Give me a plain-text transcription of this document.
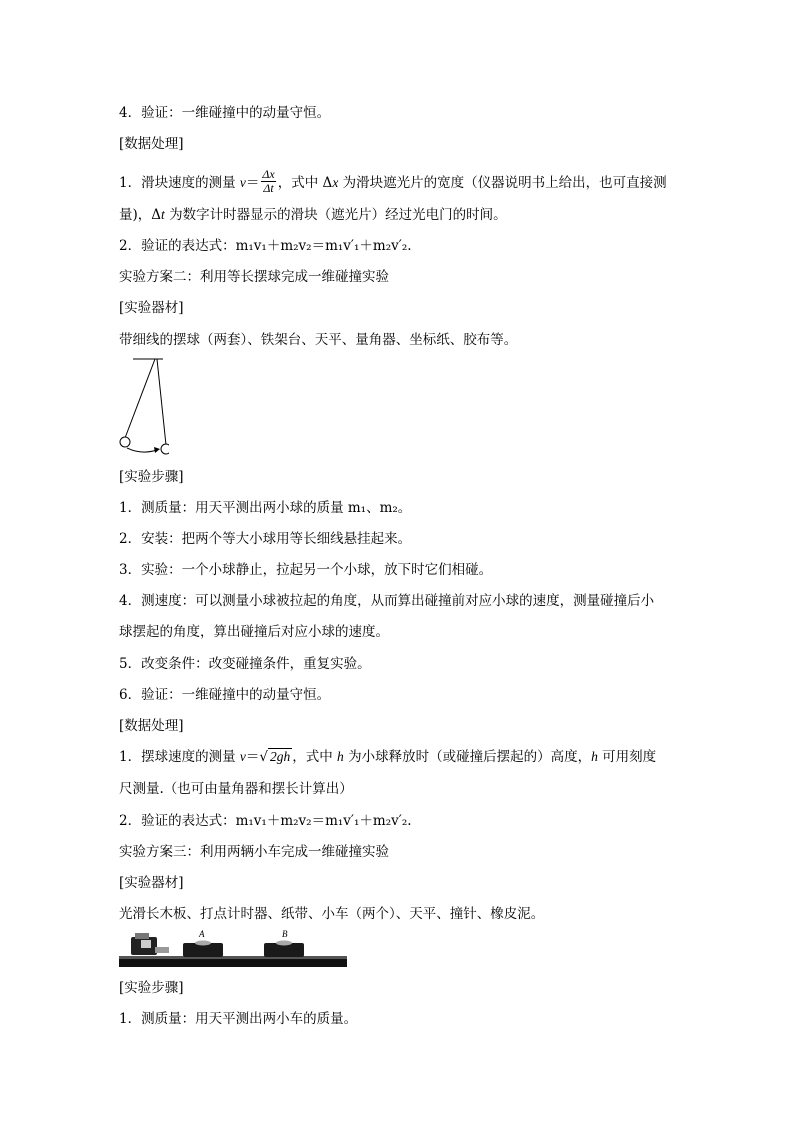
4．验证：一维碰撞中的动量守恒。
[数据处理]
1．滑块速度的测量 $v= \frac{\Delta x}{\Delta t}$ ，式中 Δx 为滑块遮光片的宽度（仪器说明书上给出，也可直接测
量)，Δt 为数字计时器显示的滑块（遮光片）经过光电门的时间。
2．验证的表达式：m₁v₁＋m₂v₂＝m₁v′₁＋m₂v′₂.
实验方案二：利用等长摆球完成一维碰撞实验
[实验器材]
带细线的摆球（两套）、铁架台、天平、量角器、坐标纸、胶布等。
[实验步骤]
1．测质量：用天平测出两小球的质量 m₁、m₂。
2．安装：把两个等大小球用等长细线悬挂起来。
3．实验：一个小球静止，拉起另一个小球，放下时它们相碰。
4．测速度：可以测量小球被拉起的角度，从而算出碰撞前对应小球的速度，测量碰撞后小
球摆起的角度，算出碰撞后对应小球的速度。
5．改变条件：改变碰撞条件，重复实验。
6．验证：一维碰撞中的动量守恒。
[数据处理]
1．摆球速度的测量 v＝√ 2gh ，式中 h 为小球释放时（或碰撞后摆起的）高度，h 可用刻度
尺测量.（也可由量角器和摆长计算出）
2．验证的表达式：m₁v₁＋m₂v₂＝m₁v′₁＋m₂v′₂.
实验方案三：利用两辆小车完成一维碰撞实验
[实验器材]
光滑长木板、打点计时器、纸带、小车（两个）、天平、撞针、橡皮泥。
A	B
[实验步骤]
1．测质量：用天平测出两小车的质量。
